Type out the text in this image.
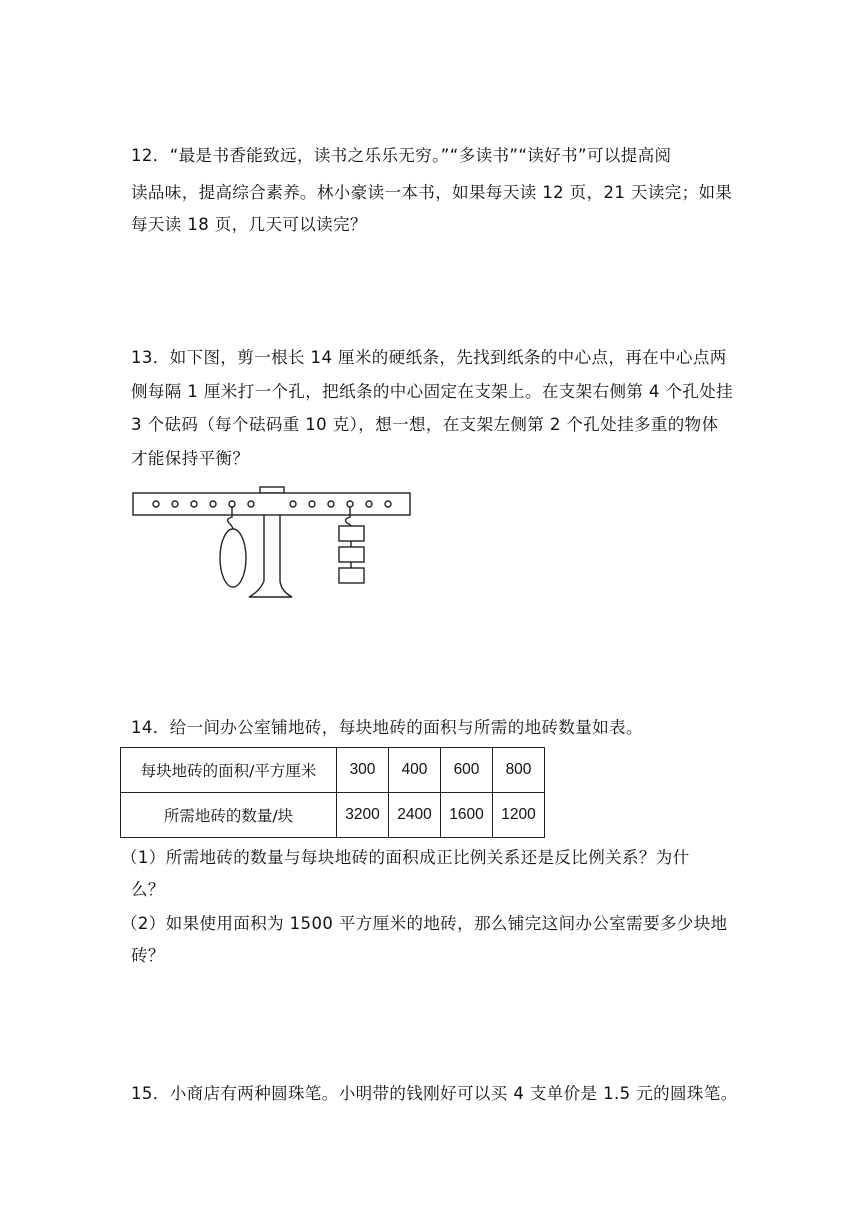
12．“最是书香能致远，读书之乐乐无穷。”“多读书”“读好书”可以提高阅
读品味，提高综合素养。林小豪读一本书，如果每天读 12 页，21 天读完；如果
每天读 18 页，几天可以读完？
13．如下图，剪一根长 14 厘米的硬纸条，先找到纸条的中心点，再在中心点两
侧每隔 1 厘米打一个孔，把纸条的中心固定在支架上。在支架右侧第 4 个孔处挂
3 个砝码（每个砝码重 10 克），想一想，在支架左侧第 2 个孔处挂多重的物体
才能保持平衡？
14．给一间办公室铺地砖，每块地砖的面积与所需的地砖数量如表。
每块地砖的面积/平方厘米	300	400	600	800
所需地砖的数量/块	3200	2400	1600	1200
（1）所需地砖的数量与每块地砖的面积成正比例关系还是反比例关系？为什
么？
（2）如果使用面积为 1500 平方厘米的地砖，那么铺完这间办公室需要多少块地
砖？
15．小商店有两种圆珠笔。小明带的钱刚好可以买 4 支单价是 1.5 元的圆珠笔。
